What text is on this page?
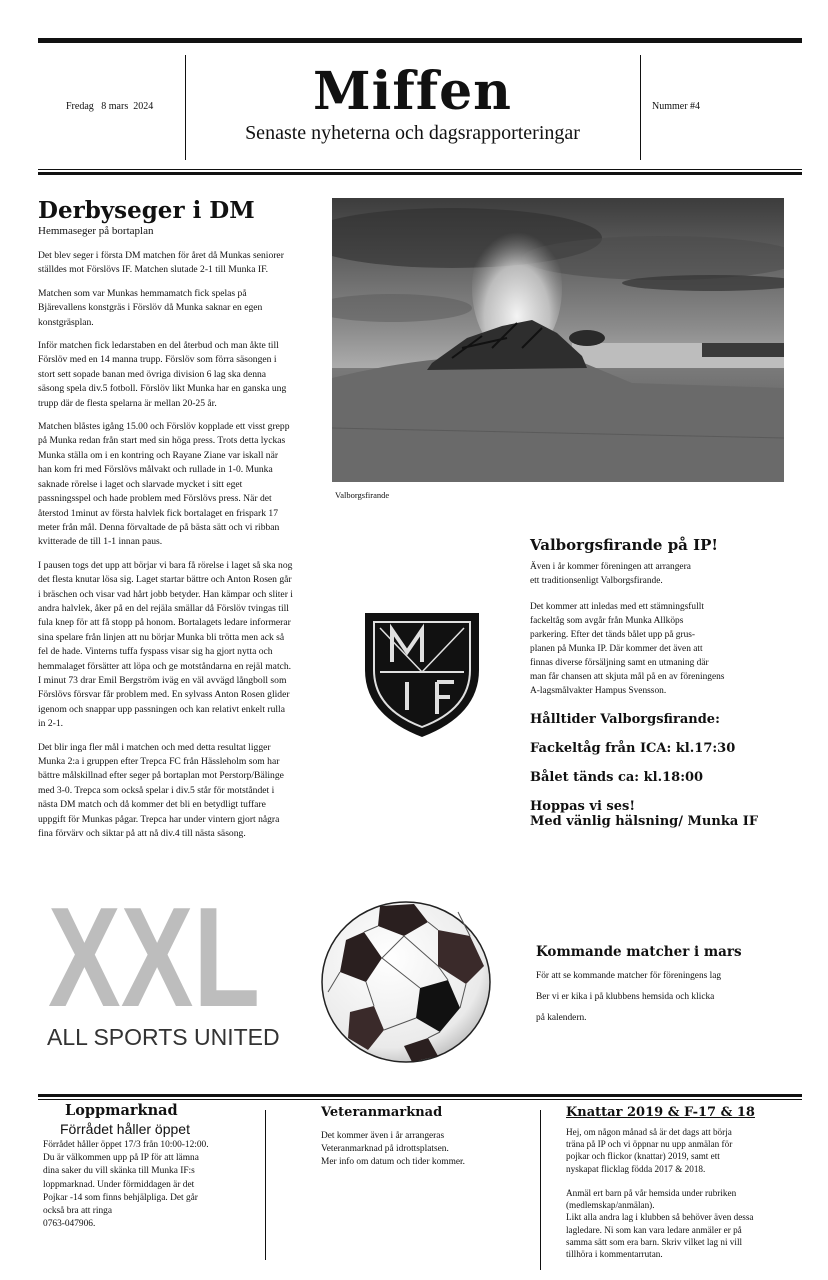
Fredag   8 mars  2024	Miffen
Senaste nyheterna och dagsrapporteringar
Nummer #4
Derbyseger i DM
Hemmaseger på bortaplan

Det blev seger i första DM matchen för året då Munkas seniorer ställdes mot Förslövs IF. Matchen slutade 2-1 till Munka IF.

Matchen som var Munkas hemmamatch fick spelas på Bjärevallens konstgräs i Förslöv då Munka saknar en egen konstgräsplan.

Inför matchen fick ledarstaben en del återbud och man åkte till Förslöv med en 14 manna trupp. Förslöv som förra säsongen i stort sett sopade banan med övriga division 6 lag ska denna säsong spela div.5 fotboll. Förslöv likt Munka har en ganska ung trupp där de flesta spelarna är mellan 20-25 år.

Matchen blåstes igång 15.00 och Förslöv kopplade ett visst grepp på Munka redan från start med sin höga press. Trots detta lyckas Munka ställa om i en kontring och Rayane Ziane var iskall när han kom fri med Förslövs målvakt och rullade in 1-0. Munka saknade rörelse i laget och slarvade mycket i sitt eget passningsspel och hade problem med Förslövs press. När det återstod 1minut av första halvlek fick bortalaget en frispark 17 meter från mål. Denna förvaltade de på bästa sätt och vi ribban kvitterade de till 1-1 innan paus.

I pausen togs det upp att börjar vi bara få rörelse i laget så ska nog det flesta knutar lösa sig. Laget startar bättre och Anton Rosen går i bräschen och visar vad hårt jobb betyder. Han kämpar och sliter i andra halvlek, åker på en del rejäla smällar då Förslöv tvingas till fula knep för att få stopp på honom. Bortalagets ledare informerar sina spelare från linjen att nu börjar Munka bli trötta men ack så fel de hade. Vinterns tuffa fyspass visar sig ha gjort nytta och hemmalaget försätter att löpa och ge motståndarna en rejäl match. I minut 73 drar Emil Bergström iväg en väl avvägd långboll som Förslövs försvar får problem med. En sylvass Anton Rosen glider igenom och snappar upp passningen och kan relativt enkelt rulla in 2-1.

Det blir inga fler mål i matchen och med detta resultat ligger Munka 2:a i gruppen efter Trepca FC från Hässleholm som har bättre målskillnad efter seger på bortaplan mot Perstorp/Bälinge med 3-0. Trepca som också spelar i div.5 står för motståndet i nästa DM match och då kommer det bli en betydligt tuffare uppgift för Munkas pågar. Trepca har under vintern gjort några fina förvärv och siktar på att nå div.4 till nästa säsong.

Valborgsfirande
Valborgsfirande på IP!
Även i år kommer föreningen att arrangera
ett traditionsenligt Valborgsfirande.
Det kommer att inledas med ett stämningsfullt
fackeltåg som avgår från Munka Allköps
parkering. Efter det tänds bålet upp på grus-
planen på Munka IP. Där kommer det även att
finnas diverse försäljning samt en utmaning där
man får chansen att skjuta mål på en av föreningens
A-lagsmålvakter Hampus Svensson.
Hålltider Valborgsfirande:
Fackeltåg från ICA: kl.17:30
Bålet tänds ca: kl.18:00
Hoppas vi ses!
Med vänlig hälsning/ Munka IF
XXL
ALL SPORTS UNITED
Kommande matcher i mars
För att se kommande matcher för föreningens lag
Ber vi er kika i på klubbens hemsida och klicka
på kalendern.
Loppmarknad
Förrådet håller öppet
Förrådet håller öppet 17/3 från 10:00-12:00.
Du är välkommen upp på IP för att lämna
dina saker du vill skänka till Munka IF:s
loppmarknad. Under förmiddagen är det
Pojkar -14 som finns behjälpliga. Det går
också bra att ringa
0763-047906.
Veteranmarknad
Det kommer även i år arrangeras
Veteranmarknad på idrottsplatsen.
Mer info om datum och tider kommer.
Knattar 2019 & F-17 & 18
Hej, om någon månad så är det dags att börja
träna på IP och vi öppnar nu upp anmälan för
pojkar och flickor (knattar) 2019, samt ett
nyskapat flicklag födda 2017 & 2018.
Anmäl ert barn på vår hemsida under rubriken
(medlemskap/anmälan).
Likt alla andra lag i klubben så behöver även dessa
lagledare. Ni som kan vara ledare anmäler er på
samma sätt som era barn. Skriv vilket lag ni vill
tillhöra i kommentarrutan.
